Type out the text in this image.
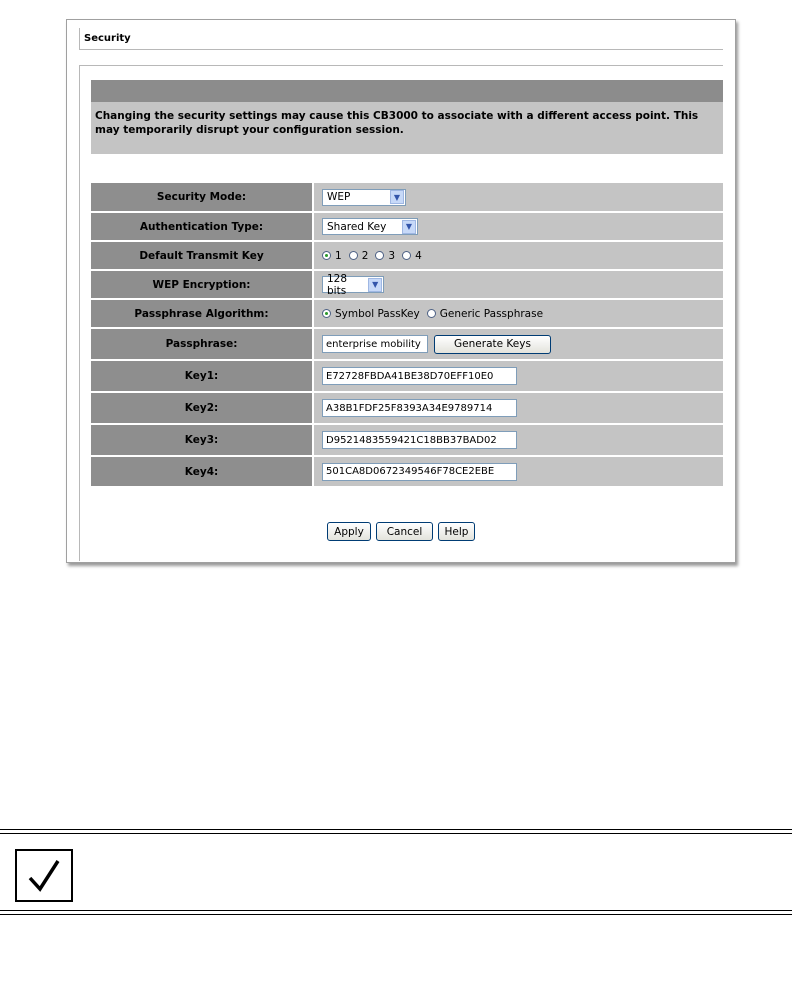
Security
Changing the security settings may cause this CB3000 to associate with a different access point. This may temporarily disrupt your configuration session.
Security Mode:	WEP	▼
Authentication Type:	Shared Key	▼
Default Transmit Key	1 2 3 4
WEP Encryption:	128 bits	▼
Passphrase Algorithm:	Symbol PassKey Generic Passphrase
Passphrase:	enterprise mobility	Generate Keys
Key1:	E72728FBDA41BE38D70EFF10E0
Key2:	A38B1FDF25F8393A34E9789714
Key3:	D9521483559421C18BB37BAD02
Key4:	501CA8D0672349546F78CE2EBE
Apply	Cancel	Help
